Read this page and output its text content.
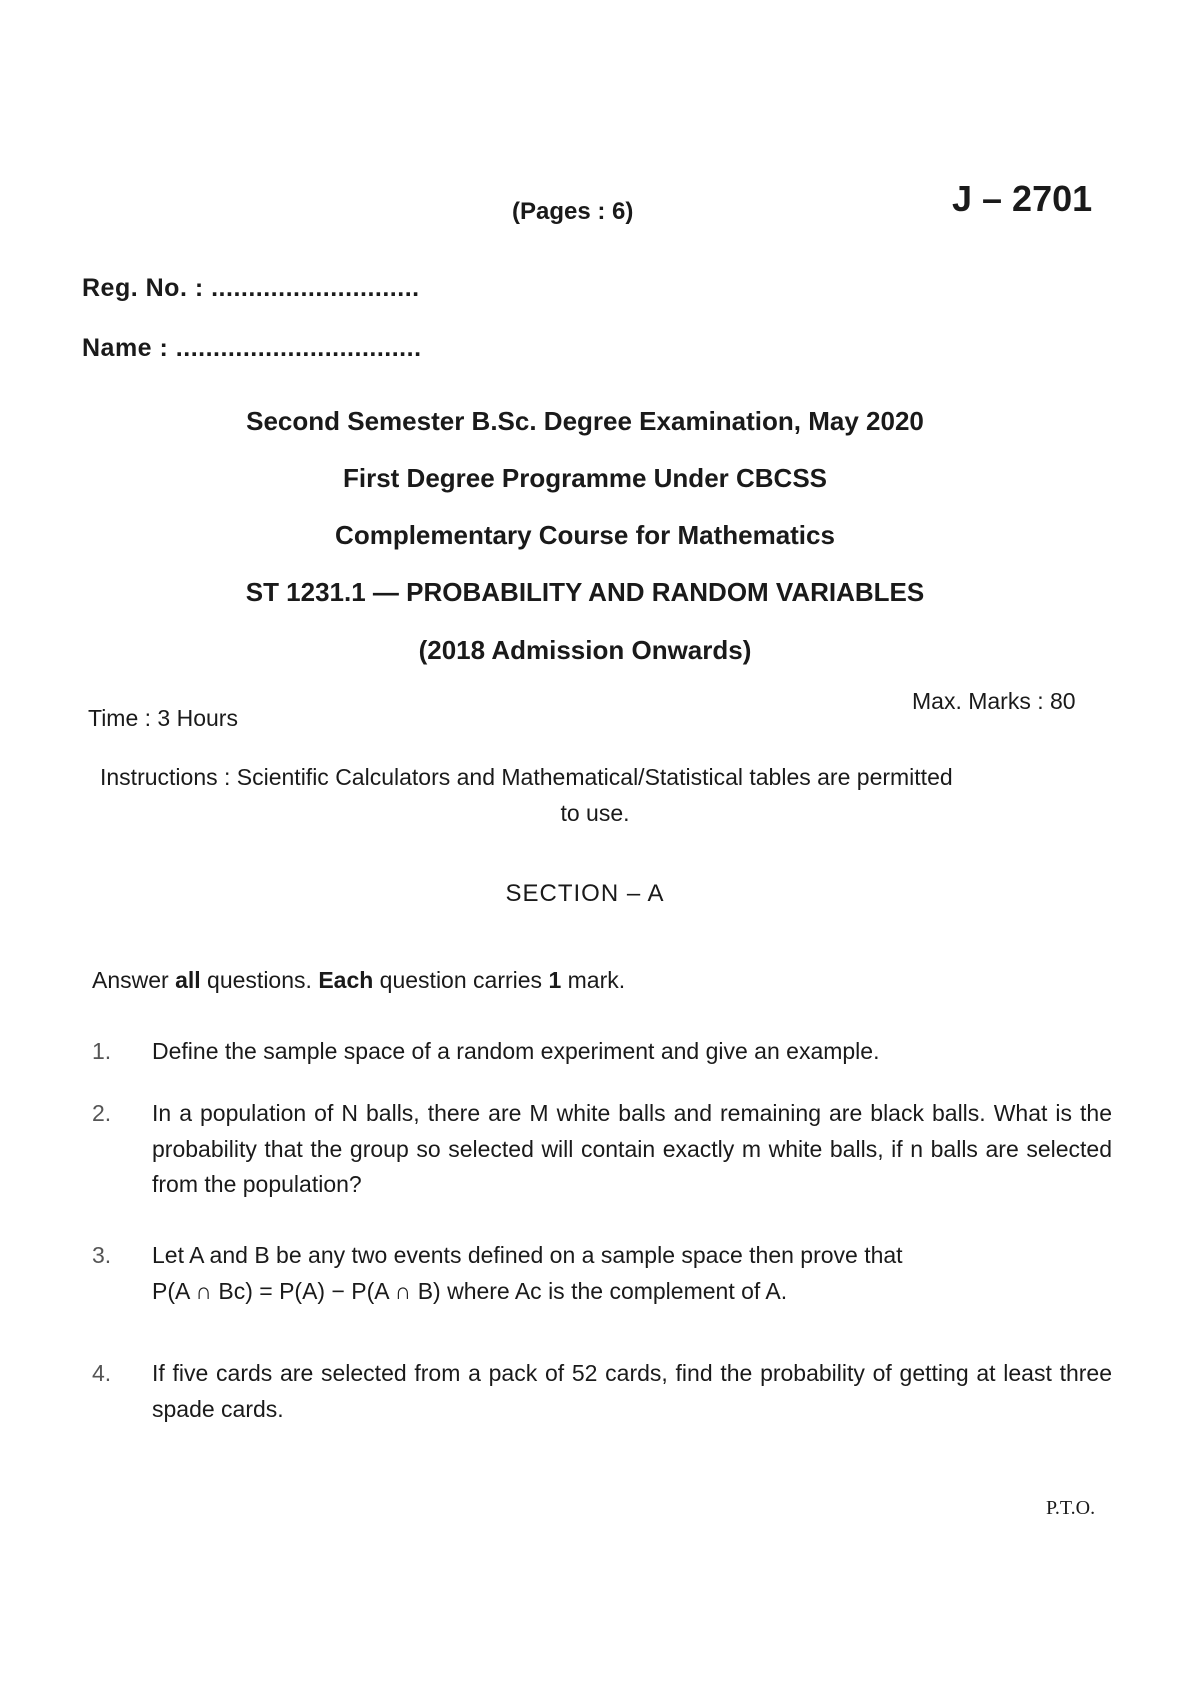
(Pages : 6)	J – 2701
Reg. No. : ............................
Name : .................................
Second Semester B.Sc. Degree Examination, May 2020
First Degree Programme Under CBCSS
Complementary Course for Mathematics
ST 1231.1 — PROBABILITY AND RANDOM VARIABLES
(2018 Admission Onwards)
Time : 3 Hours
Max. Marks : 80
Instructions : Scientific Calculators and Mathematical/Statistical tables are permitted
to use.
SECTION – A
Answer all questions. Each question carries 1 mark.
1.	Define the sample space of a random experiment and give an example.
2.	In a population of N balls, there are M white balls and remaining are black balls. What is the probability that the group so selected will contain exactly m white balls, if n balls are selected from the population?
3.	Let A and B be any two events defined on a sample space then prove that
P(A ∩ Bc) = P(A) − P(A ∩ B) where Ac is the complement of A.
4.	If five cards are selected from a pack of 52 cards, find the probability of getting at least three spade cards.
P.T.O.
